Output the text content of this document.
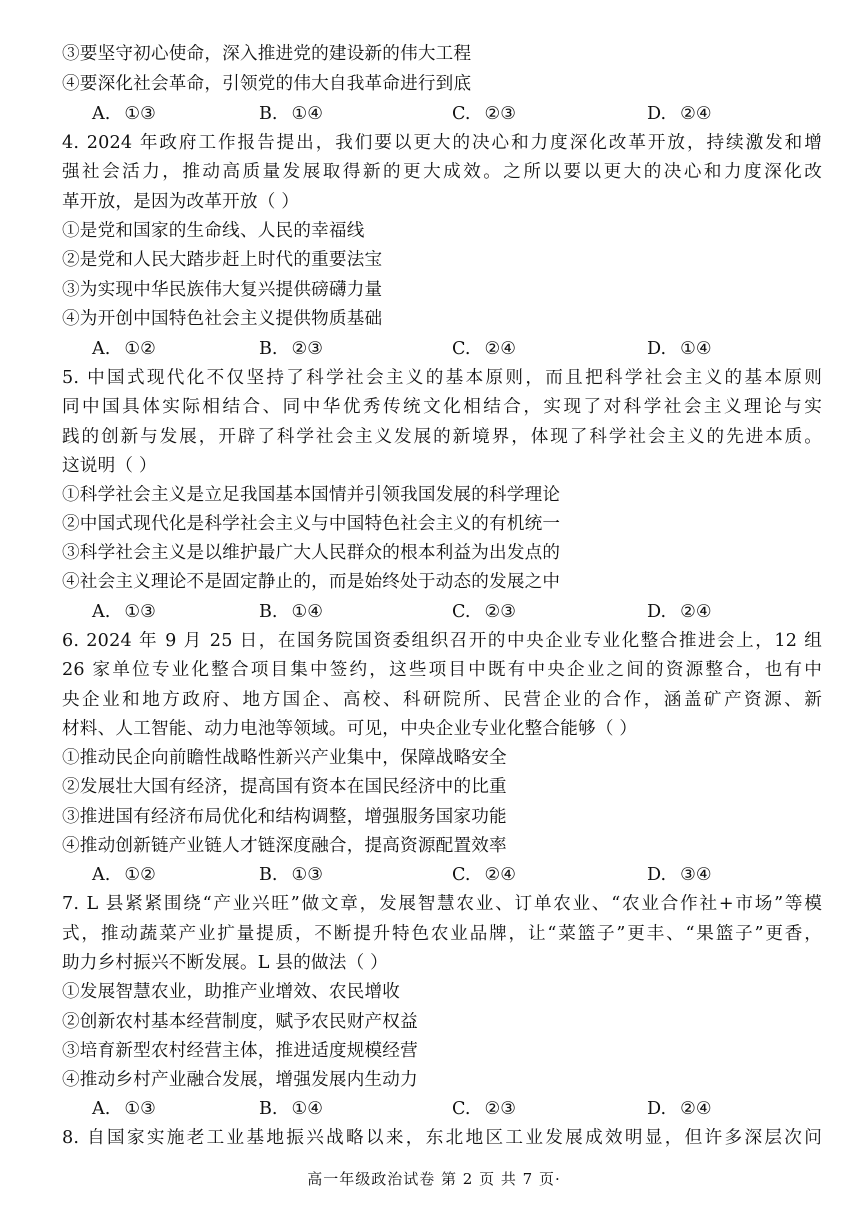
③要坚守初心使命，深入推进党的建设新的伟大工程
④要深化社会革命，引领党的伟大自我革命进行到底
A. ①③	B. ①④	C. ②③	D. ②④
4. 2024 年政府工作报告提出，我们要以更大的决心和力度深化改革开放，持续激发和增
强社会活力，推动高质量发展取得新的更大成效。之所以要以更大的决心和力度深化改
革开放，是因为改革开放（ ）
①是党和国家的生命线、人民的幸福线
②是党和人民大踏步赶上时代的重要法宝
③为实现中华民族伟大复兴提供磅礴力量
④为开创中国特色社会主义提供物质基础
A. ①②	B. ②③	C. ②④	D. ①④
5. 中国式现代化不仅坚持了科学社会主义的基本原则，而且把科学社会主义的基本原则
同中国具体实际相结合、同中华优秀传统文化相结合，实现了对科学社会主义理论与实
践的创新与发展，开辟了科学社会主义发展的新境界，体现了科学社会主义的先进本质。
这说明（ ）
①科学社会主义是立足我国基本国情并引领我国发展的科学理论
②中国式现代化是科学社会主义与中国特色社会主义的有机统一
③科学社会主义是以维护最广大人民群众的根本利益为出发点的
④社会主义理论不是固定静止的，而是始终处于动态的发展之中
A. ①③	B. ①④	C. ②③	D. ②④
6. 2024 年 9 月 25 日，在国务院国资委组织召开的中央企业专业化整合推进会上，12 组
26 家单位专业化整合项目集中签约，这些项目中既有中央企业之间的资源整合，也有中
央企业和地方政府、地方国企、高校、科研院所、民营企业的合作，涵盖矿产资源、新
材料、人工智能、动力电池等领域。可见，中央企业专业化整合能够（ ）
①推动民企向前瞻性战略性新兴产业集中，保障战略安全
②发展壮大国有经济，提高国有资本在国民经济中的比重
③推进国有经济布局优化和结构调整，增强服务国家功能
④推动创新链产业链人才链深度融合，提高资源配置效率
A. ①②	B. ①③	C. ②④	D. ③④
7. L 县紧紧围绕“产业兴旺”做文章，发展智慧农业、订单农业、“农业合作社+市场”等模
式，推动蔬菜产业扩量提质，不断提升特色农业品牌，让“菜篮子”更丰、“果篮子”更香，
助力乡村振兴不断发展。L 县的做法（ ）
①发展智慧农业，助推产业增效、农民增收
②创新农村基本经营制度，赋予农民财产权益
③培育新型农村经营主体，推进适度规模经营
④推动乡村产业融合发展，增强发展内生动力
A. ①③	B. ①④	C. ②③	D. ②④
8. 自国家实施老工业基地振兴战略以来，东北地区工业发展成效明显，但许多深层次问
高一年级政治试卷 第 2 页 共 7 页·
